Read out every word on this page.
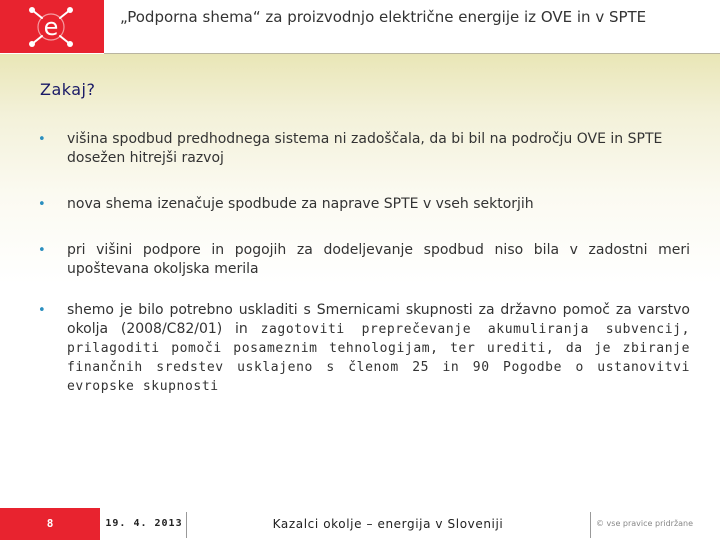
e	„Podporna shema“ za proizvodnjo električne energije iz OVE in v SPTE
Zakaj?
• višina spodbud predhodnega sistema ni zadoščala, da bi bil na področju OVE in SPTE dosežen hitrejši razvoj
• nova shema izenačuje spodbude za naprave SPTE v vseh sektorjih
• pri višini podpore in pogojih za dodeljevanje spodbud niso bila v zadostni meri upoštevana okoljska merila
• shemo je bilo potrebno uskladiti s Smernicami skupnosti za državno pomoč za varstvo okolja (2008/C82/01) in zagotoviti preprečevanje akumuliranja subvencij, prilagoditi pomoči posameznim tehnologijam, ter urediti, da je zbiranje finančnih sredstev usklajeno s členom 25 in 90 Pogodbe o ustanovitvi evropske skupnosti
8	19. 4. 2013	Kazalci okolje – energija v Sloveniji	© vse pravice pridržane
